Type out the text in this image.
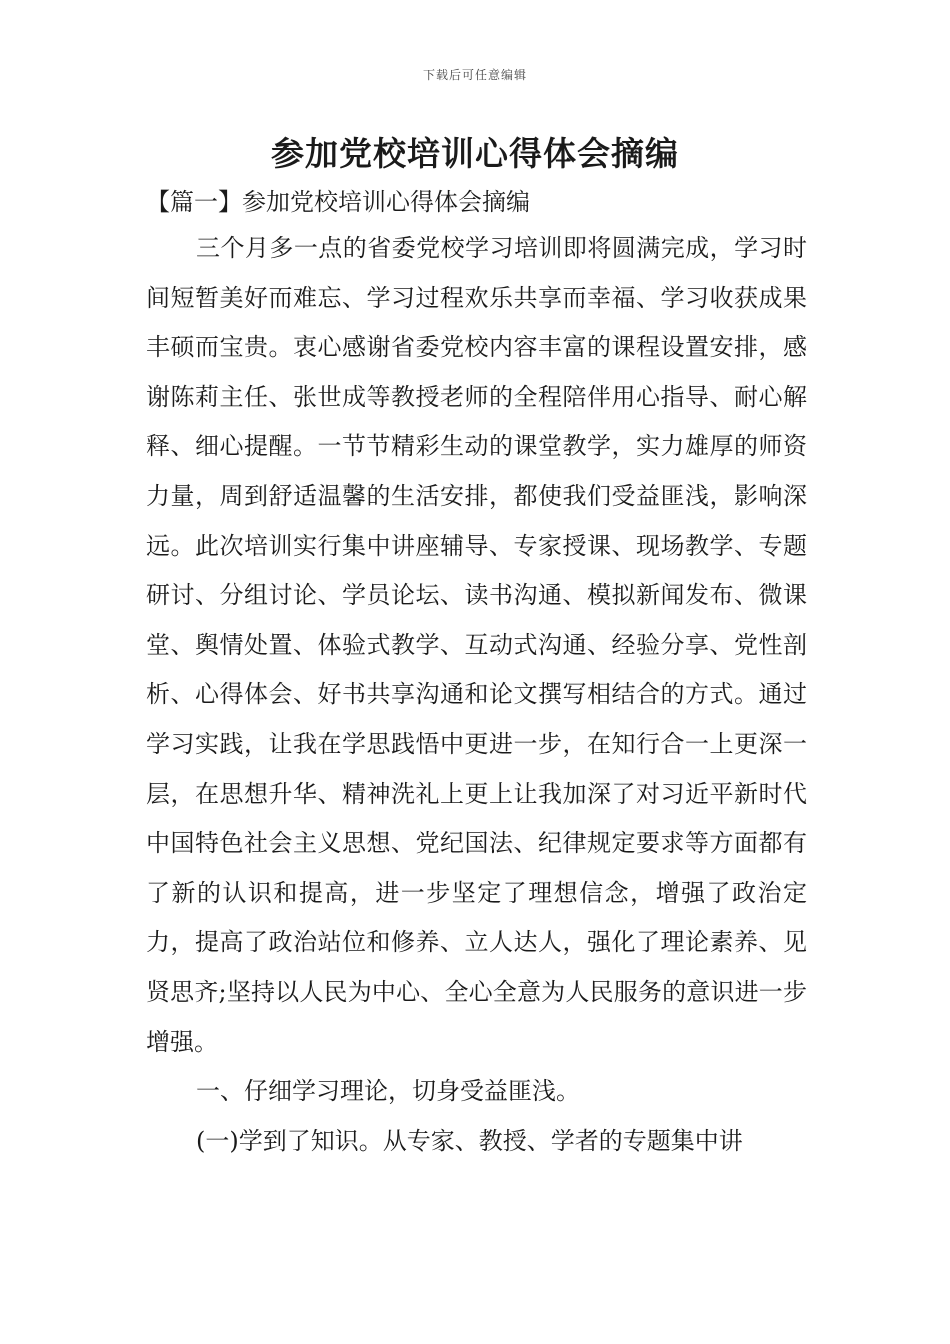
下载后可任意编辑
参加党校培训心得体会摘编
【篇一】参加党校培训心得体会摘编

三个月多一点的省委党校学习培训即将圆满完成，学习时间短暂美好而难忘、学习过程欢乐共享而幸福、学习收获成果丰硕而宝贵。衷心感谢省委党校内容丰富的课程设置安排，感谢陈莉主任、张世成等教授老师的全程陪伴用心指导、耐心解释、细心提醒。一节节精彩生动的课堂教学，实力雄厚的师资力量，周到舒适温馨的生活安排，都使我们受益匪浅，影响深远。此次培训实行集中讲座辅导、专家授课、现场教学、专题研讨、分组讨论、学员论坛、读书沟通、模拟新闻发布、微课堂、舆情处置、体验式教学、互动式沟通、经验分享、党性剖析、心得体会、好书共享沟通和论文撰写相结合的方式。通过学习实践，让我在学思践悟中更进一步，在知行合一上更深一层，在思想升华、精神洗礼上更上让我加深了对习近平新时代中国特色社会主义思想、党纪国法、纪律规定要求等方面都有了新的认识和提高，进一步坚定了理想信念，增强了政治定力，提高了政治站位和修养、立人达人，强化了理论素养、见贤思齐;坚持以人民为中心、全心全意为人民服务的意识进一步增强。

一、仔细学习理论，切身受益匪浅。

(一)学到了知识。从专家、教授、学者的专题集中讲
